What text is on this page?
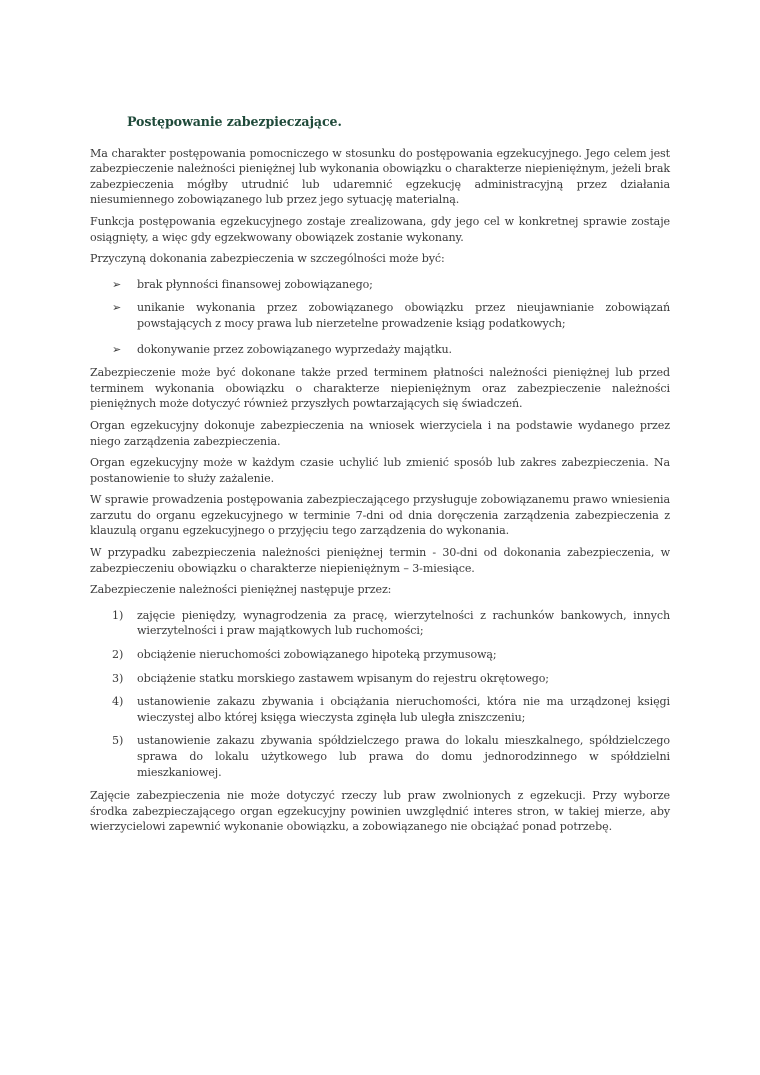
Postępowanie zabezpieczające.

Ma charakter postępowania pomocniczego w stosunku do postępowania egzekucyjnego. Jego celem jest zabezpieczenie należności pieniężnej lub wykonania obowiązku o charakterze niepieniężnym, jeżeli brak zabezpieczenia mógłby utrudnić lub udaremnić egzekucję administracyjną przez działania niesumiennego zobowiązanego lub przez jego sytuację materialną.

Funkcja postępowania egzekucyjnego zostaje zrealizowana, gdy jego cel w konkretnej sprawie zostaje osiągnięty, a więc gdy egzekwowany obowiązek zostanie wykonany.

Przyczyną dokonania zabezpieczenia w szczególności może być:

➢ brak płynności finansowej zobowiązanego;
➢ unikanie wykonania przez zobowiązanego obowiązku przez nieujawnianie zobowiązań powstających z mocy prawa lub nierzetelne prowadzenie ksiąg podatkowych;
➢ dokonywanie przez zobowiązanego wyprzedaży majątku.

Zabezpieczenie może być dokonane także przed terminem płatności należności pieniężnej lub przed terminem wykonania obowiązku o charakterze niepieniężnym oraz zabezpieczenie należności pieniężnych może dotyczyć również przyszłych powtarzających się świadczeń.

Organ egzekucyjny dokonuje zabezpieczenia na wniosek wierzyciela i na podstawie wydanego przez niego zarządzenia zabezpieczenia.

Organ egzekucyjny może w każdym czasie uchylić lub zmienić sposób lub zakres zabezpieczenia. Na postanowienie to służy zażalenie.

W sprawie prowadzenia postępowania zabezpieczającego przysługuje zobowiązanemu prawo wniesienia zarzutu do organu egzekucyjnego w terminie 7-dni od dnia doręczenia zarządzenia zabezpieczenia z klauzulą organu egzekucyjnego o przyjęciu tego zarządzenia do wykonania.

W przypadku zabezpieczenia należności pieniężnej termin - 30-dni od dokonania zabezpieczenia, w zabezpieczeniu obowiązku o charakterze niepieniężnym – 3-miesiące.

Zabezpieczenie należności pieniężnej następuje przez:

1) zajęcie pieniędzy, wynagrodzenia za pracę, wierzytelności z rachunków bankowych, innych wierzytelności i praw majątkowych lub ruchomości;
2) obciążenie nieruchomości zobowiązanego hipoteką przymusową;
3) obciążenie statku morskiego zastawem wpisanym do rejestru okrętowego;
4) ustanowienie zakazu zbywania i obciążania nieruchomości, która nie ma urządzonej księgi wieczystej albo której księga wieczysta zginęła lub uległa zniszczeniu;
5) ustanowienie zakazu zbywania spółdzielczego prawa do lokalu mieszkalnego, spółdzielczego sprawa do lokalu użytkowego lub prawa do domu jednorodzinnego w spółdzielni mieszkaniowej.

Zajęcie zabezpieczenia nie może dotyczyć rzeczy lub praw zwolnionych z egzekucji. Przy wyborze środka zabezpieczającego organ egzekucyjny powinien uwzględnić interes stron, w takiej mierze, aby wierzycielowi zapewnić wykonanie obowiązku, a zobowiązanego nie obciążać ponad potrzebę.
